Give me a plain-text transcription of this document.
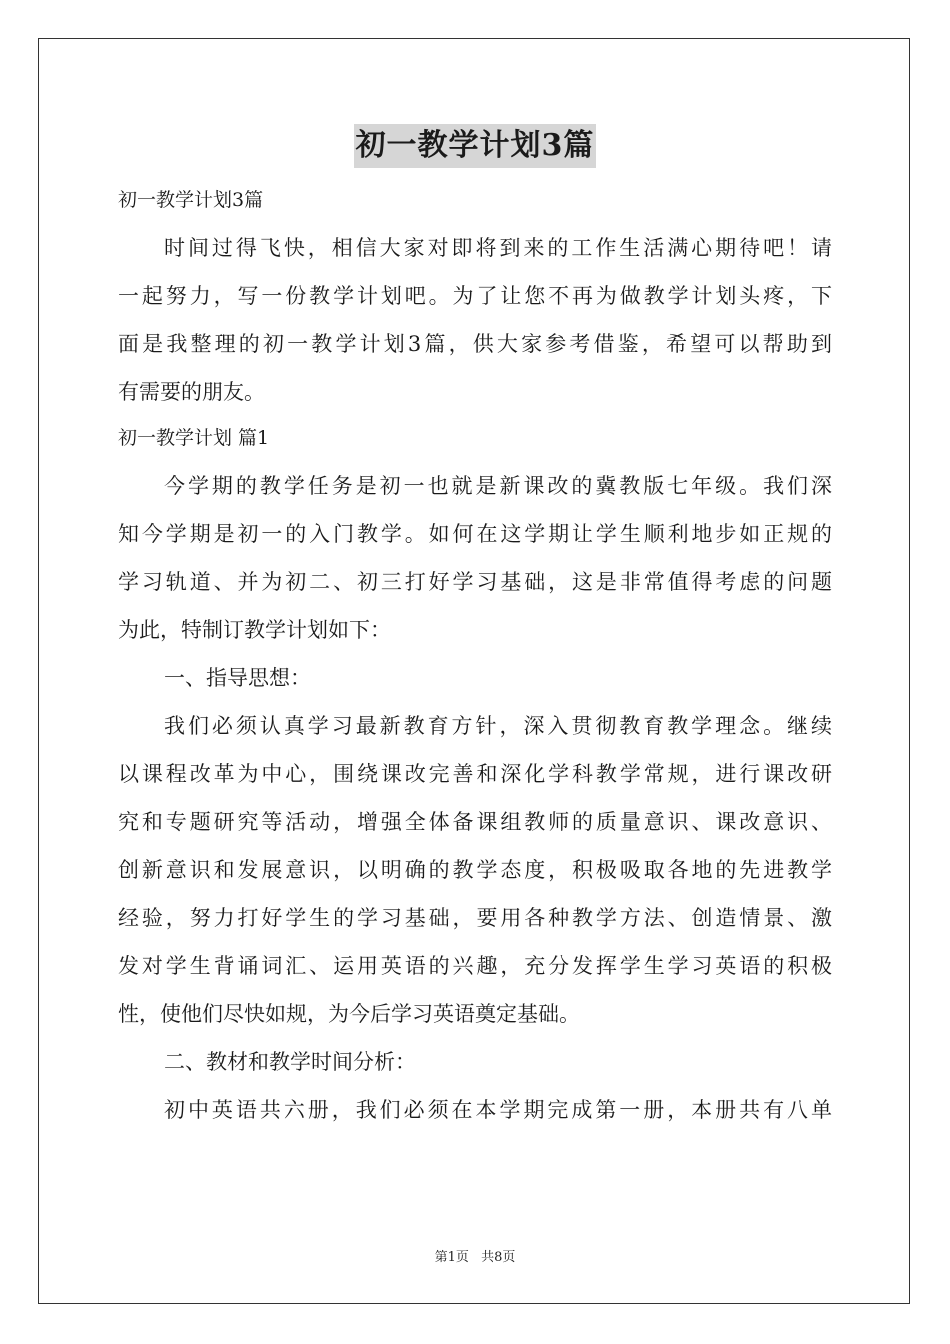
初一教学计划3篇
初一教学计划3篇
时间过得飞快，相信大家对即将到来的工作生活满心期待吧！请
一起努力，写一份教学计划吧。为了让您不再为做教学计划头疼，下
面是我整理的初一教学计划3篇，供大家参考借鉴，希望可以帮助到
有需要的朋友。
初一教学计划 篇1
今学期的教学任务是初一也就是新课改的冀教版七年级。我们深
知今学期是初一的入门教学。如何在这学期让学生顺利地步如正规的
学习轨道、并为初二、初三打好学习基础，这是非常值得考虑的问题
为此，特制订教学计划如下：
一、指导思想：
我们必须认真学习最新教育方针，深入贯彻教育教学理念。继续
以课程改革为中心，围绕课改完善和深化学科教学常规，进行课改研
究和专题研究等活动，增强全体备课组教师的质量意识、课改意识、
创新意识和发展意识，以明确的教学态度，积极吸取各地的先进教学
经验，努力打好学生的学习基础，要用各种教学方法、创造情景、激
发对学生背诵词汇、运用英语的兴趣，充分发挥学生学习英语的积极
性，使他们尽快如规，为今后学习英语奠定基础。
二、教材和教学时间分析：
初中英语共六册，我们必须在本学期完成第一册，本册共有八单
第1页 共8页
